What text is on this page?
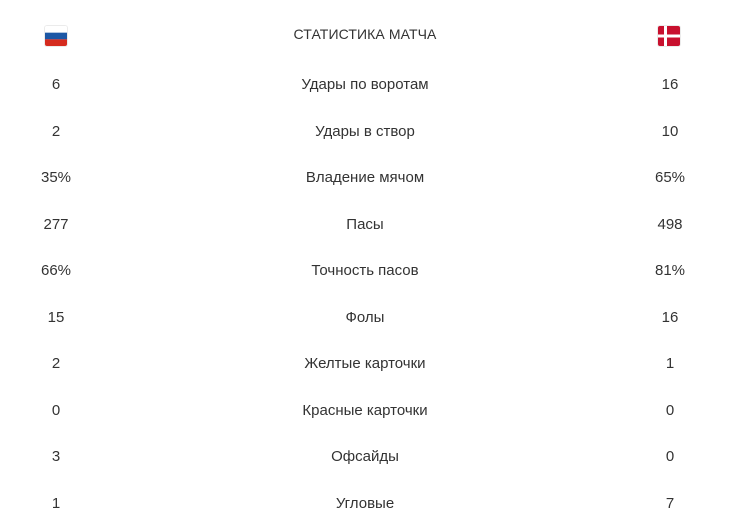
СТАТИСТИКА МАТЧА
6	Удары по воротам	16
2	Удары в створ	10
35%	Владение мячом	65%
277	Пасы	498
66%	Точность пасов	81%
15	Фолы	16
2	Желтые карточки	1
0	Красные карточки	0
3	Офсайды	0
1	Угловые	7
